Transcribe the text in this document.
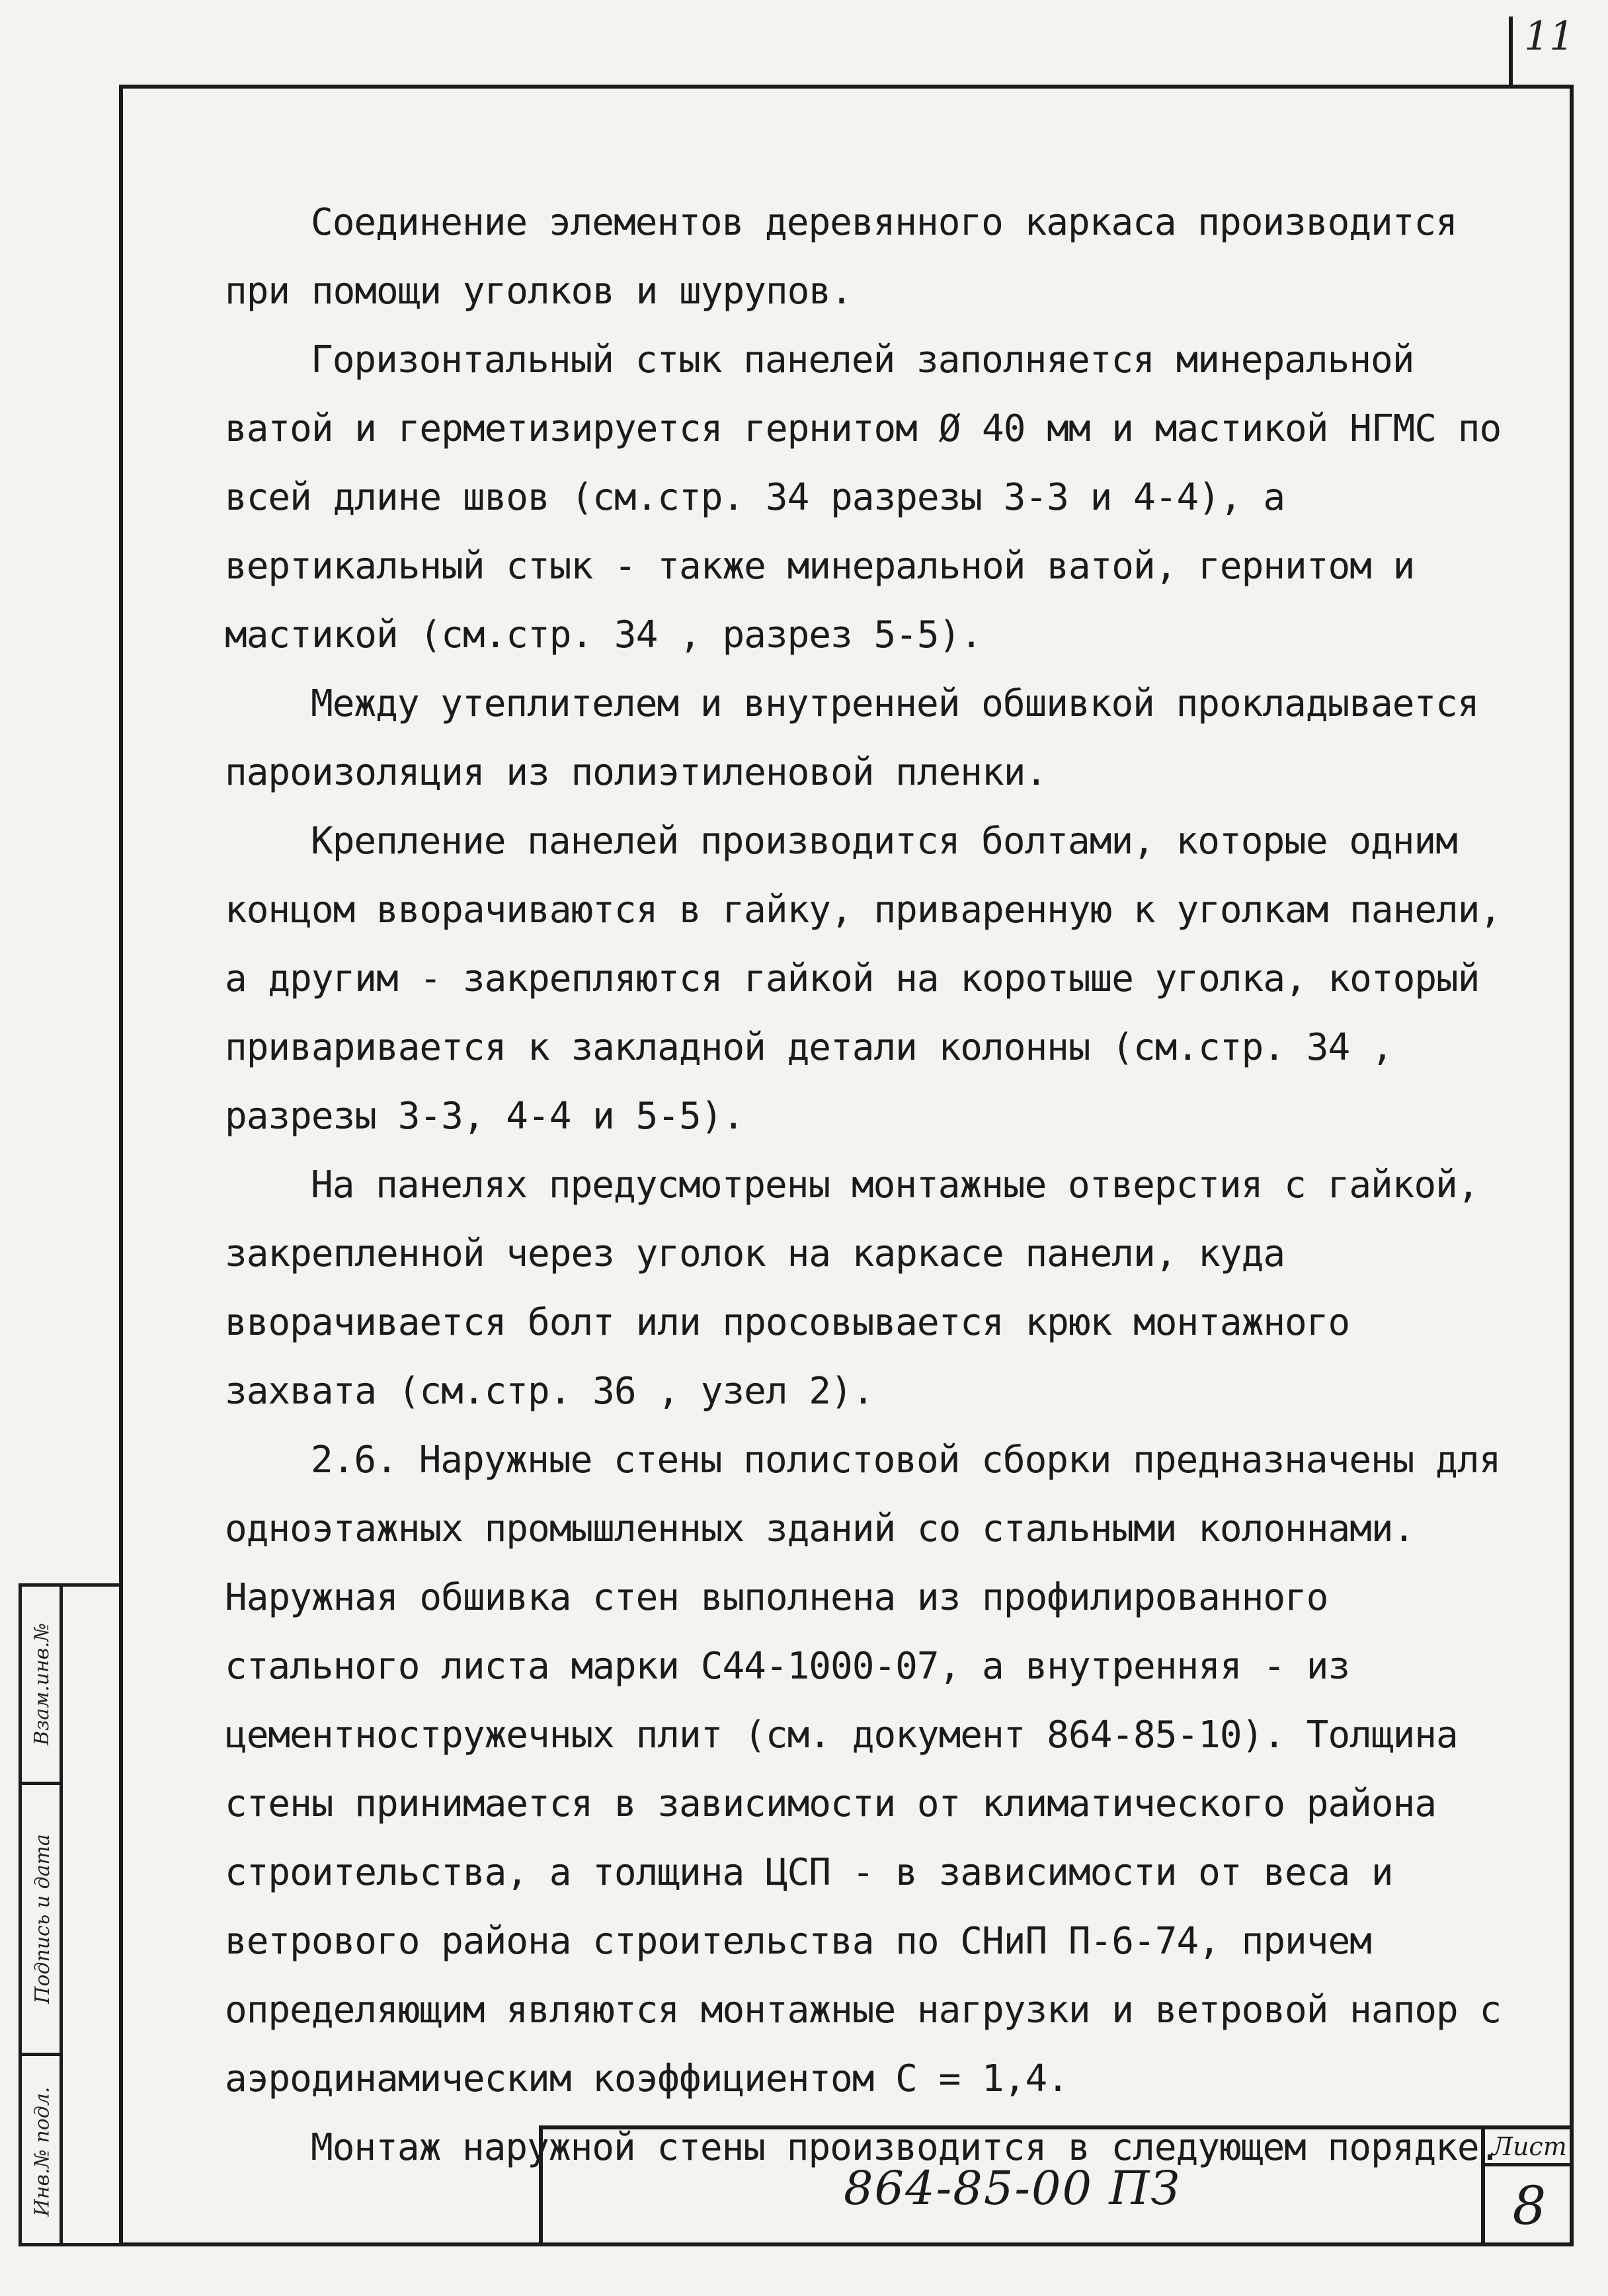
11

Соединение элементов деревянного каркаса производится при помощи уголков и шурупов.

Горизонтальный стык панелей заполняется минеральной ватой и герметизируется гернитом Ø 40 мм и мастикой НГМС по всей длине швов (см.стр. 34 разрезы 3-3 и 4-4), а вертикальный стык - также минеральной ватой, гернитом и мастикой (см.стр. 34 , разрез 5-5).

Между утеплителем и внутренней обшивкой прокладывается пароизоляция из полиэтиленовой пленки.

Крепление панелей производится болтами, которые одним концом вворачиваются в гайку, приваренную к уголкам панели, а другим - закрепляются гайкой на коротыше уголка, который приваривается к закладной детали колонны (см.стр. 34 , разрезы 3-3, 4-4 и 5-5).

На панелях предусмотрены монтажные отверстия с гайкой, закрепленной через уголок на каркасе панели, куда вворачивается болт или просовывается крюк монтажного захвата (см.стр. 36 , узел 2).

2.6. Наружные стены полистовой сборки предназначены для одноэтажных промышленных зданий со стальными колоннами. Наружная обшивка стен выполнена из профилированного стального листа марки С44-1000-07, а внутренняя - из цементностружечных плит (см. документ 864-85-10). Толщина стены принимается в зависимости от климатического района строительства, а толщина ЦСП - в зависимости от веса и ветрового района строительства по СНиП П-6-74, причем определяющим являются монтажные нагрузки и ветровой напор с аэродинамическим коэффициентом С = 1,4.

Монтаж наружной стены производится в следующем порядке.

Взам.инв.№
Подпись и дата
Инв.№ подл.	864-85-00 ПЗ
Лист
8
